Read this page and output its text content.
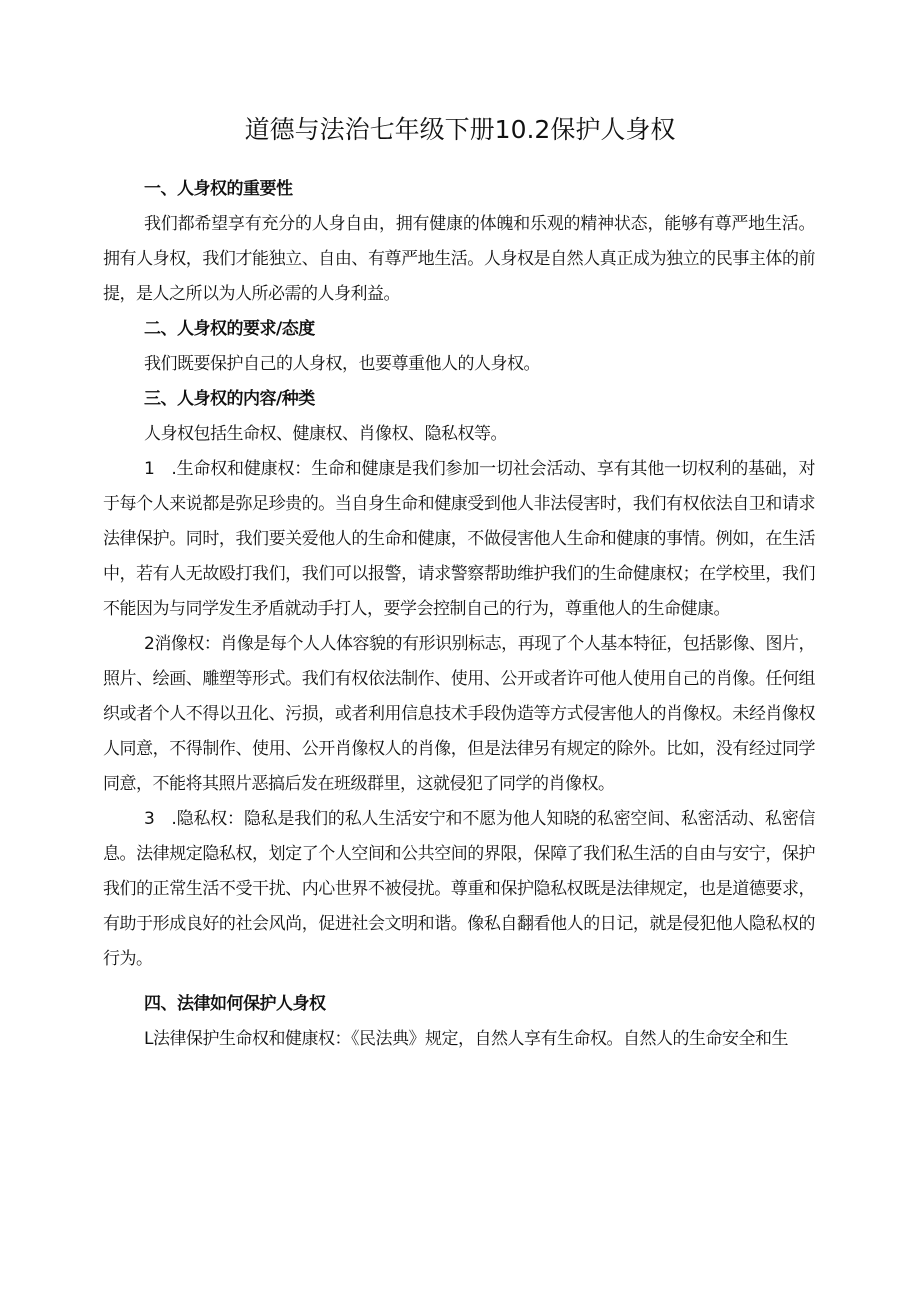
道德与法治七年级下册10.2保护人身权

一、人身权的重要性

我们都希望享有充分的人身自由，拥有健康的体魄和乐观的精神状态，能够有尊严地生活。拥有人身权，我们才能独立、自由、有尊严地生活。人身权是自然人真正成为独立的民事主体的前提，是人之所以为人所必需的人身利益。

二、人身权的要求/态度

我们既要保护自己的人身权，也要尊重他人的人身权。

三、人身权的内容/种类

人身权包括生命权、健康权、肖像权、隐私权等。

1　.生命权和健康权：生命和健康是我们参加一切社会活动、享有其他一切权利的基础，对于每个人来说都是弥足珍贵的。当自身生命和健康受到他人非法侵害时，我们有权依法自卫和请求法律保护。同时，我们要关爱他人的生命和健康，不做侵害他人生命和健康的事情。例如，在生活中，若有人无故殴打我们，我们可以报警，请求警察帮助维护我们的生命健康权；在学校里，我们不能因为与同学发生矛盾就动手打人，要学会控制自己的行为，尊重他人的生命健康。

2消像权：肖像是每个人人体容貌的有形识别标志，再现了个人基本特征，包括影像、图片，照片、绘画、雕塑等形式。我们有权依法制作、使用、公开或者许可他人使用自己的肖像。任何组织或者个人不得以丑化、污损，或者利用信息技术手段伪造等方式侵害他人的肖像权。未经肖像权人同意，不得制作、使用、公开肖像权人的肖像，但是法律另有规定的除外。比如，没有经过同学同意，不能将其照片恶搞后发在班级群里，这就侵犯了同学的肖像权。

3　.隐私权：隐私是我们的私人生活安宁和不愿为他人知晓的私密空间、私密活动、私密信息。法律规定隐私权，划定了个人空间和公共空间的界限，保障了我们私生活的自由与安宁，保护我们的正常生活不受干扰、内心世界不被侵扰。尊重和保护隐私权既是法律规定，也是道德要求，有助于形成良好的社会风尚，促进社会文明和谐。像私自翻看他人的日记，就是侵犯他人隐私权的行为。

四、法律如何保护人身权

L法律保护生命权和健康权：《民法典》规定，自然人享有生命权。自然人的生命安全和生
